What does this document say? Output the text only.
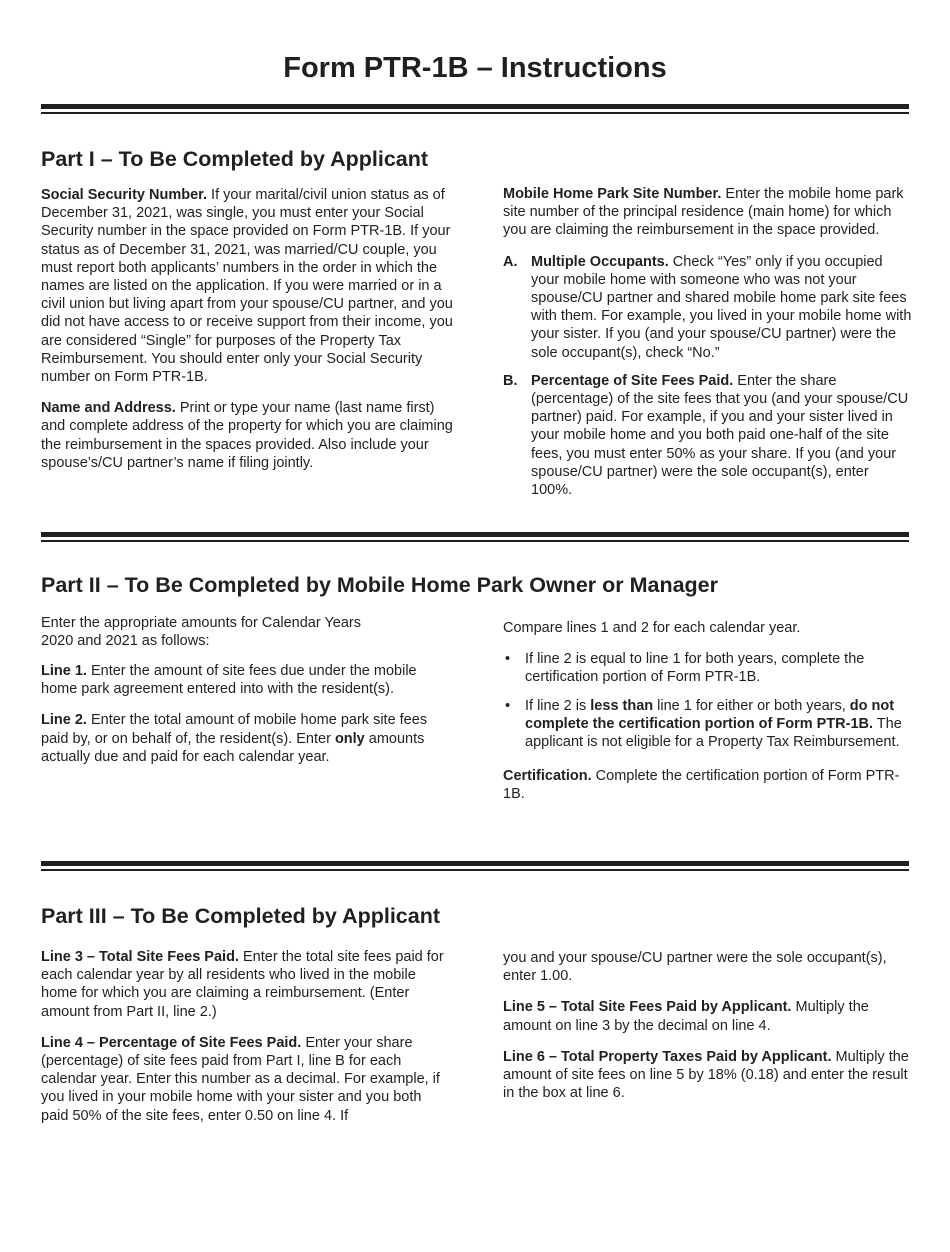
Form PTR-1B – Instructions
Part I – To Be Completed by Applicant

Social Security Number. If your marital/civil union status as of December 31, 2021, was single, you must enter your Social Security number in the space provided on Form PTR-1B. If your status as of December 31, 2021, was married/CU couple, you must report both applicants’ numbers in the order in which the names are listed on the application. If you were married or in a civil union but living apart from your spouse/CU partner, and you did not have access to or receive support from their income, you are considered “Single” for purposes of the Property Tax Reimbursement. You should enter only your Social Security number on Form PTR-1B.

Name and Address. Print or type your name (last name first) and complete address of the property for which you are claiming the reimbursement in the spaces provided. Also include your spouse’s/CU partner’s name if filing jointly.

Mobile Home Park Site Number. Enter the mobile home park site number of the principal residence (main home) for which you are claiming the reimbursement in the space provided.

A. Multiple Occupants. Check “Yes” only if you occupied your mobile home with someone who was not your spouse/CU partner and shared mobile home park site fees with them. For example, you lived in your mobile home with your sister. If you (and your spouse/CU partner) were the sole occupant(s), check “No.”
B. Percentage of Site Fees Paid. Enter the share (percentage) of the site fees that you (and your spouse/CU partner) paid. For example, if you and your sister lived in your mobile home and you both paid one-half of the site fees, you must enter 50% as your share. If you (and your spouse/CU partner) were the sole occupant(s), enter 100%.
Part II – To Be Completed by Mobile Home Park Owner or Manager

Enter the appropriate amounts for Calendar Years 2020 and 2021 as follows:

Line 1. Enter the amount of site fees due under the mobile home park agreement entered into with the resident(s).

Line 2. Enter the total amount of mobile home park site fees paid by, or on behalf of, the resident(s). Enter only amounts actually due and paid for each calendar year.

Compare lines 1 and 2 for each calendar year.

•	If line 2 is equal to line 1 for both years, complete the certification portion of Form PTR-1B.
•	If line 2 is less than line 1 for either or both years, do not complete the certification portion of Form PTR-1B. The applicant is not eligible for a Property Tax Reimbursement.

Certification. Complete the certification portion of Form PTR-1B.

Part III – To Be Completed by Applicant

Line 3 – Total Site Fees Paid. Enter the total site fees paid for each calendar year by all residents who lived in the mobile home for which you are claiming a reimbursement. (Enter amount from Part II, line 2.)

Line 4 – Percentage of Site Fees Paid. Enter your share (percentage) of site fees paid from Part I, line B for each calendar year. Enter this number as a decimal. For example, if you lived in your mobile home with your sister and you both paid 50% of the site fees, enter 0.50 on line 4. If

you and your spouse/CU partner were the sole occupant(s), enter 1.00.

Line 5 – Total Site Fees Paid by Applicant. Multiply the amount on line 3 by the decimal on line 4.

Line 6 – Total Property Taxes Paid by Applicant. Multiply the amount of site fees on line 5 by 18% (0.18) and enter the result in the box at line 6.
